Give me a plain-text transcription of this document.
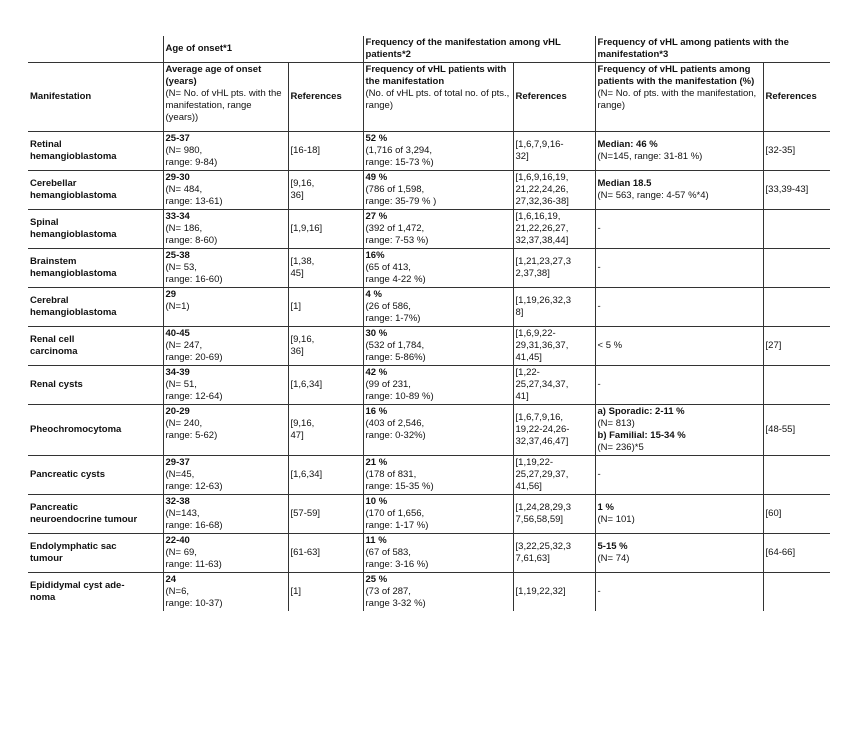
	Age of onset*1		Frequency of the manifestation among vHL patients*2		Frequency of vHL among patients with the manifestation*3	
Manifestation	Average age of onset (years)
(N= No. of vHL pts. with the manifestation, range (years))	References	Frequency of vHL patients with the manifestation
(No. of vHL pts. of total no. of pts., range)	References	Frequency of vHL patients among patients with the manifestation (%)
(N= No. of pts. with the manifestation, range)	References
Retinal
hemangioblastoma	25-37
(N= 980,
range: 9-84)	[16-18]	52 %
(1,716 of 3,294,
range: 15-73 %)	[1,6,7,9,16-
32]	Median: 46 %
(N=145, range: 31-81 %)	[32-35]
Cerebellar
hemangioblastoma	29-30
(N= 484,
range: 13-61)	[9,16,
36]	49 %
(786 of 1,598,
range: 35-79 % )	[1,6,9,16,19,
21,22,24,26,
27,32,36-38]	Median 18.5
(N= 563, range: 4-57 %*4)	[33,39-43]
Spinal
hemangioblastoma	33-34
(N= 186,
range: 8-60)	[1,9,16]	27 %
(392 of 1,472,
range: 7-53 %)	[1,6,16,19,
21,22,26,27,
32,37,38,44]	-	
Brainstem
hemangioblastoma	25-38
(N= 53,
range: 16-60)	[1,38,
45]	16%
(65 of 413,
range 4-22 %)	[1,21,23,27,3
2,37,38]	-	
Cerebral
hemangioblastoma	29
(N=1)	[1]	4 %
(26 of 586,
range: 1-7%)	[1,19,26,32,3
8]	-	
Renal cell
carcinoma	40-45
(N= 247,
range: 20-69)	[9,16,
36]	30 %
(532 of 1,784,
range: 5-86%)	[1,6,9,22-
29,31,36,37,
41,45]	< 5 %	[27]
Renal cysts	34-39
(N= 51,
range: 12-64)	[1,6,34]	42 %
(99 of 231,
range: 10-89 %)	[1,22-
25,27,34,37,
41]	-	
Pheochromocytoma	20-29
(N= 240,
range: 5-62)	[9,16,
47]	16 %
(403 of 2,546,
range: 0-32%)	[1,6,7,9,16,
19,22-24,26-
32,37,46,47]	a) Sporadic: 2-11 %
(N= 813)
b) Familial: 15-34 %
(N= 236)*5	[48-55]
Pancreatic cysts	29-37
(N=45,
range: 12-63)	[1,6,34]	21 %
(178 of 831,
range: 15-35 %)	[1,19,22-
25,27,29,37,
41,56]	-	
Pancreatic
neuroendocrine tumour	32-38
(N=143,
range: 16-68)	[57-59]	10 %
(170 of 1,656,
range: 1-17 %)	[1,24,28,29,3
7,56,58,59]	1 %
(N= 101)	[60]
Endolymphatic sac
tumour	22-40
(N= 69,
range: 11-63)	[61-63]	11 %
(67 of 583,
range: 3-16 %)	[3,22,25,32,3
7,61,63]	5-15 %
(N= 74)	[64-66]
Epididymal cyst ade-
noma	24
(N=6,
range: 10-37)	[1]	25 %
(73 of 287,
range 3-32 %)	[1,19,22,32]	-	
